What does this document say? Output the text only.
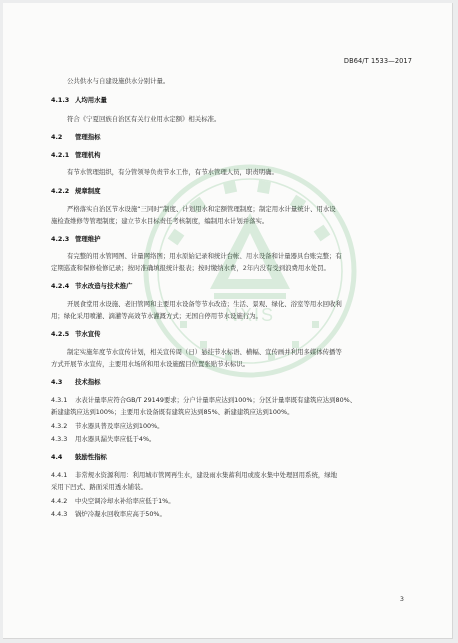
DB64/T 1533—2017
公共供水与自建设施供水分别计量。
4.1.3 人均用水量
符合《宁夏回族自治区有关行业用水定额》相关标准。
4.2 管理指标
4.2.1 管理机构
有节水管理组织，有分管领导负责节水工作，有节水管理人员，职责明确。
4.2.2 规章制度
严格落实自治区节水设施“三同时”制度、计划用水和定额管理制度；制定用水计量统计、用水设
施检查维修等管理制度；建立节水目标责任考核制度，编制用水计划并落实。
4.2.3 管理维护
有完整的用水管网图、计量网络图；用水原始记录和统计台帐、用水设备和计量器具台账完整；有
定期巡查和保修检修记录；按时准确填报统计报表；按时缴纳水费，2年内没有受到浪费用水处罚。
4.2.4 节水改造与技术推广
开展食堂用水设施、老旧管网和主要用水设备等节水改造；生活、景观、绿化、浴室等用水回收利
用；绿化采用喷灌、滴灌等高效节水灌溉方式；无国自停用节水设施行为。
4.2.5 节水宣传
制定实施年度节水宣传计划，相关宣传周（日）悬挂节水标语、横幅、宣传画并利用多媒体传播等
方式开展节水宣传，主要用水场所和用水设施醒目位置张贴节水标识。
4.3 技术指标
4.3.1 水表计量率应符合GB/T 29149要求；分户计量率应达到100%；分区计量率既有建筑应达到80%、
新建建筑应达到100%；主要用水设备既有建筑应达到85%、新建建筑应达到100%。
4.3.2 节水器具普及率应达到100%。
4.3.3 用水器具漏失率应低于4%。
4.4 鼓励性指标
4.4.1 非常规水资源利用：利用城市管网再生水，建设雨水集蓄利用或废水集中处理回用系统，绿地
采用下凹式、路面采用透水铺装。
4.4.2 中央空调冷却水补给率应低于1%。
4.4.3 锅炉冷凝水回收率应高于50%。
NXIS
3
